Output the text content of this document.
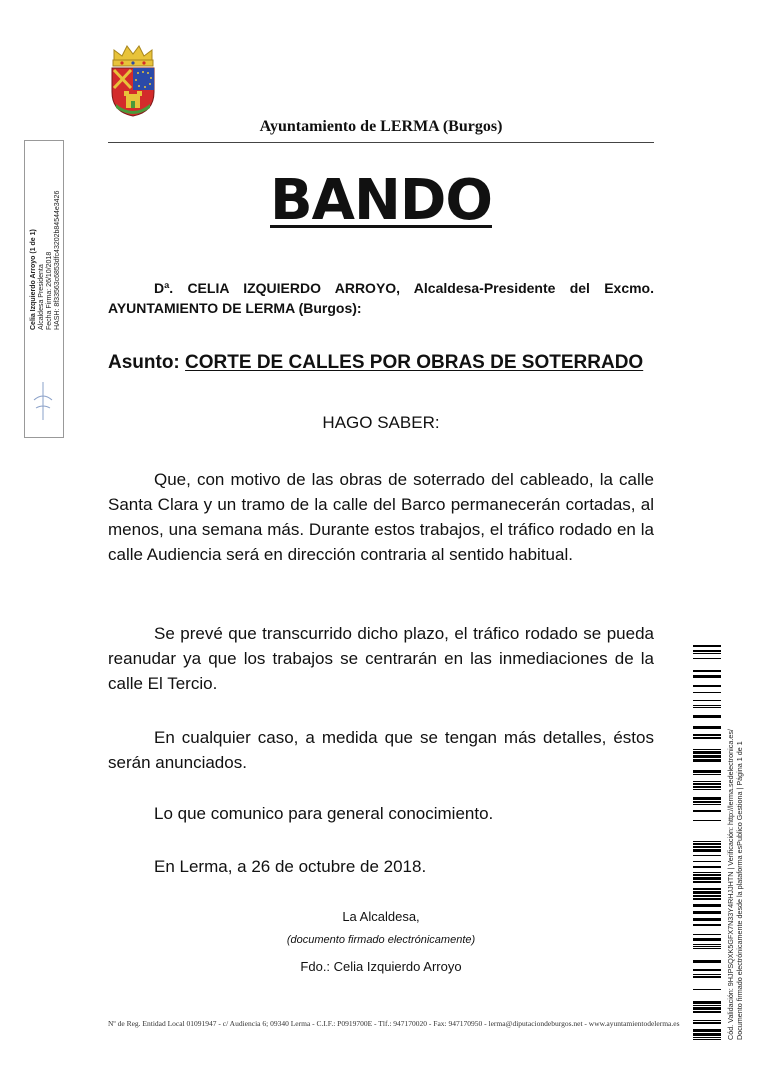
Ayuntamiento de LERMA (Burgos)
BANDO
Dª. CELIA IZQUIERDO ARROYO, Alcaldesa-Presidente del Excmo. AYUNTAMIENTO DE LERMA (Burgos):
Asunto: CORTE DE CALLES POR OBRAS DE SOTERRADO
HAGO SABER:
Que, con motivo de las obras de soterrado del cableado, la calle Santa Clara y un tramo de la calle del Barco permanecerán cortadas, al menos, una semana más. Durante estos trabajos, el tráfico rodado en la calle Audiencia será en dirección contraria al sentido habitual.
Se prevé que transcurrido dicho plazo, el tráfico rodado se pueda reanudar ya que los trabajos se centrarán en las inmediaciones de la calle El Tercio.
En cualquier caso, a medida que se tengan más detalles, éstos serán anunciados.
Lo que comunico para general conocimiento.
En Lerma, a 26 de octubre de 2018.
La Alcaldesa,
(documento firmado electrónicamente)
Fdo.: Celia Izquierdo Arroyo
Nº de Reg. Entidad Local 01091947 - c/ Audiencia 6; 09340 Lerma - C.I.F.: P0919700E - Tlf.: 947170020 - Fax: 947170950 - lerma@diputaciondeburgos.net - www.ayuntamientodelerma.es
Celia Izquierdo Arroyo (1 de 1) Alcaldesa Presidenta Fecha Firma: 26/10/2018 HASH: 8f33563c6853dfc43202b84544e3426
Cód. Validación: 9HJPSQXK5GFX7N33Y4RHJJHTN | Verificación: http://lerma.sedelectronica.es/ Documento firmado electrónicamente desde la plataforma esPublico Gestiona | Página 1 de 1
